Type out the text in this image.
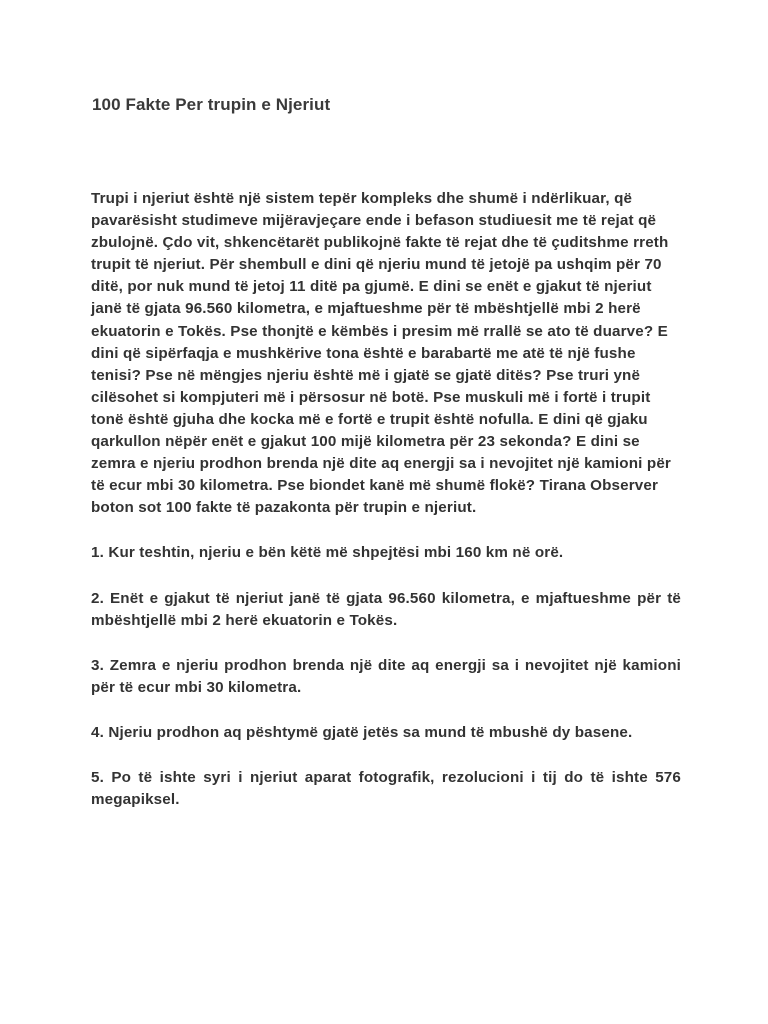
100 Fakte Per trupin e Njeriut

Trupi i njeriut është një sistem tepër kompleks dhe shumë i ndërlikuar, që pavarësisht studimeve mijëravjeçare ende i befason studiuesit me të rejat që zbulojnë. Çdo vit, shkencëtarët publikojnë fakte të rejat dhe të çuditshme rreth trupit të njeriut. Për shembull e dini që njeriu mund të jetojë pa ushqim për 70 ditë, por nuk mund të jetoj 11 ditë pa gjumë. E dini se enët e gjakut të njeriut janë të gjata 96.560 kilometra, e mjaftueshme për të mbështjellë mbi 2 herë ekuatorin e Tokës. Pse thonjtë e këmbës i presim më rrallë se ato të duarve? E dini që sipërfaqja e mushkërive tona është e barabartë me atë të një fushe tenisi? Pse në mëngjes njeriu është më i gjatë se gjatë ditës? Pse truri ynë cilësohet si kompjuteri më i përsosur në botë. Pse muskuli më i fortë i trupit tonë është gjuha dhe kocka më e fortë e trupit është nofulla. E dini që gjaku qarkullon nëpër enët e gjakut 100 mijë kilometra për 23 sekonda? E dini se zemra e njeriu prodhon brenda një dite aq energji sa i nevojitet një kamioni për të ecur mbi 30 kilometra. Pse biondet kanë më shumë flokë? Tirana Observer boton sot 100 fakte të pazakonta për trupin e njeriut.

1. Kur teshtin, njeriu e bën këtë më shpejtësi mbi 160 km në orë.

2. Enët e gjakut të njeriut janë të gjata 96.560 kilometra, e mjaftueshme për të mbështjellë mbi 2 herë ekuatorin e Tokës.

3. Zemra e njeriu prodhon brenda një dite aq energji sa i nevojitet një kamioni për të ecur mbi 30 kilometra.

4. Njeriu prodhon aq pështymë gjatë jetës sa mund të mbushë dy basene.

5. Po të ishte syri i njeriut aparat fotografik, rezolucioni i tij do të ishte 576 megapiksel.
